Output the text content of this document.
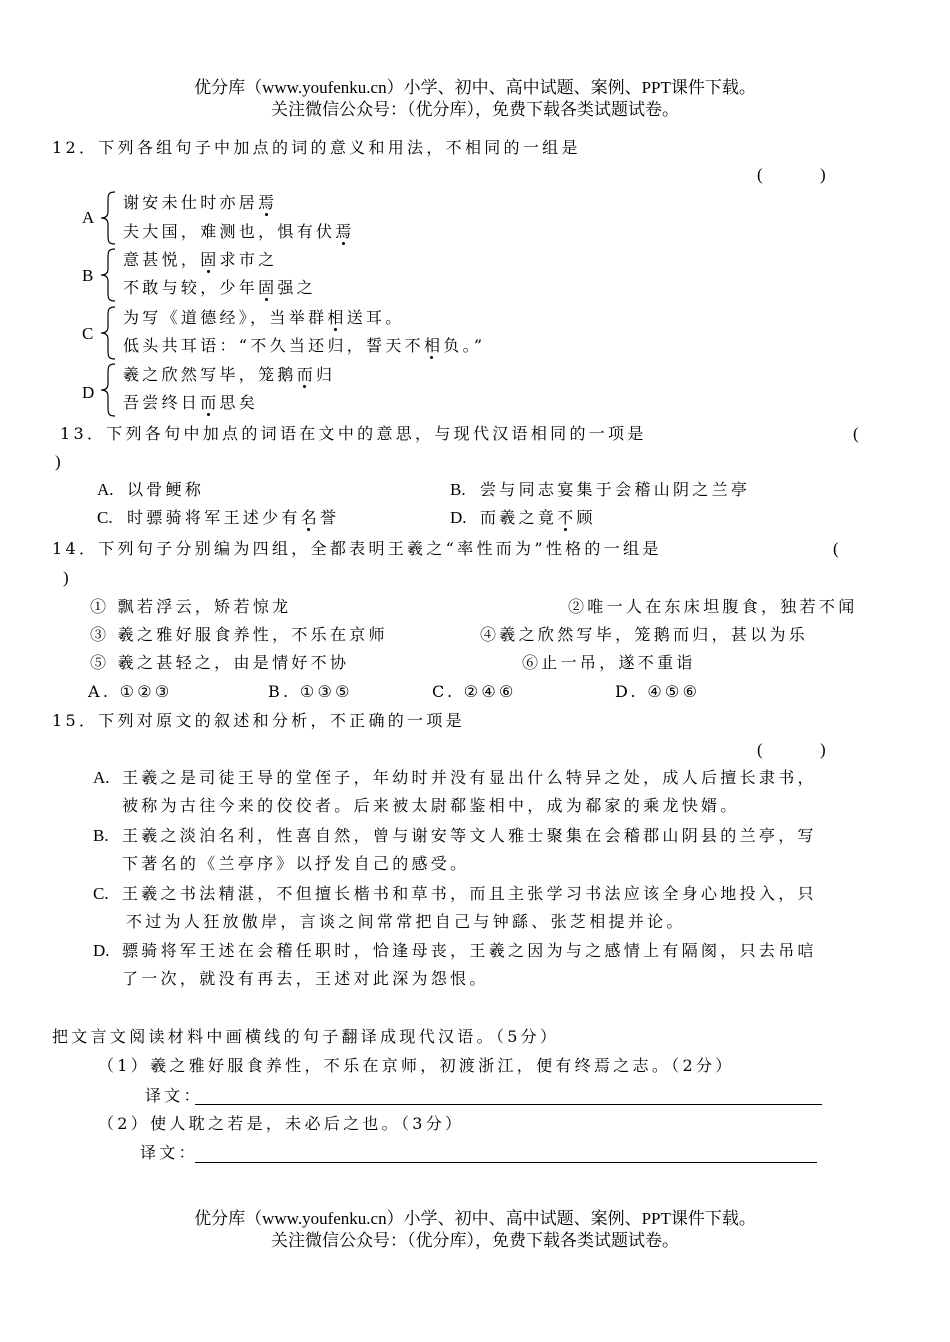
优分库（www.youfenku.cn）小学、初中、高中试题、案例、PPT课件下载。
关注微信公众号：（优分库），免费下载各类试题试卷。
12．下列各组句子中加点的词的意义和用法，不相同的一组是
(	)
A
谢安未仕时亦居焉
夫大国，难测也，惧有伏焉
B
意甚悦，固求市之
不敢与较，少年固强之
C
为写《道德经》，当举群相送耳。
低头共耳语：“不久当还归，誓天不相负。”
D
羲之欣然写毕，笼鹅而归
吾尝终日而思矣
13．下列各句中加点的词语在文中的意思，与现代汉语相同的一项是	(
)
A. 以骨鲠称	B. 尝与同志宴集于会稽山阴之兰亭
C. 时骠骑将军王述少有名誉	D. 而羲之竟不顾
14．下列句子分别编为四组，全都表明王羲之“率性而为”性格的一组是	(
)
① 飘若浮云，矫若惊龙	②唯一人在东床坦腹食，独若不闻
③ 羲之雅好服食养性，不乐在京师	④羲之欣然写毕，笼鹅而归，甚以为乐
⑤ 羲之甚轻之，由是情好不协	⑥止一吊，遂不重诣
A. ①②③	B. ①③⑤	C. ②④⑥	D. ④⑤⑥
15．下列对原文的叙述和分析，不正确的一项是
(	)
A. 王羲之是司徒王导的堂侄子，年幼时并没有显出什么特异之处，成人后擅长隶书，
被称为古往今来的佼佼者。后来被太尉郗鉴相中，成为郗家的乘龙快婿。
B. 王羲之淡泊名利，性喜自然，曾与谢安等文人雅士聚集在会稽郡山阴县的兰亭，写
下著名的《兰亭序》以抒发自己的感受。
C. 王羲之书法精湛，不但擅长楷书和草书，而且主张学习书法应该全身心地投入，只
不过为人狂放傲岸，言谈之间常常把自己与钟繇、张芝相提并论。
D. 骠骑将军王述在会稽任职时，恰逢母丧，王羲之因为与之感情上有隔阂，只去吊唁
了一次，就没有再去，王述对此深为怨恨。
把文言文阅读材料中画横线的句子翻译成现代汉语。（5分）
（1）羲之雅好服食养性，不乐在京师，初渡浙江，便有终焉之志。（2分）
译文：
（2）使人耽之若是，未必后之也。（3分）
译文：
优分库（www.youfenku.cn）小学、初中、高中试题、案例、PPT课件下载。
关注微信公众号：（优分库），免费下载各类试题试卷。
